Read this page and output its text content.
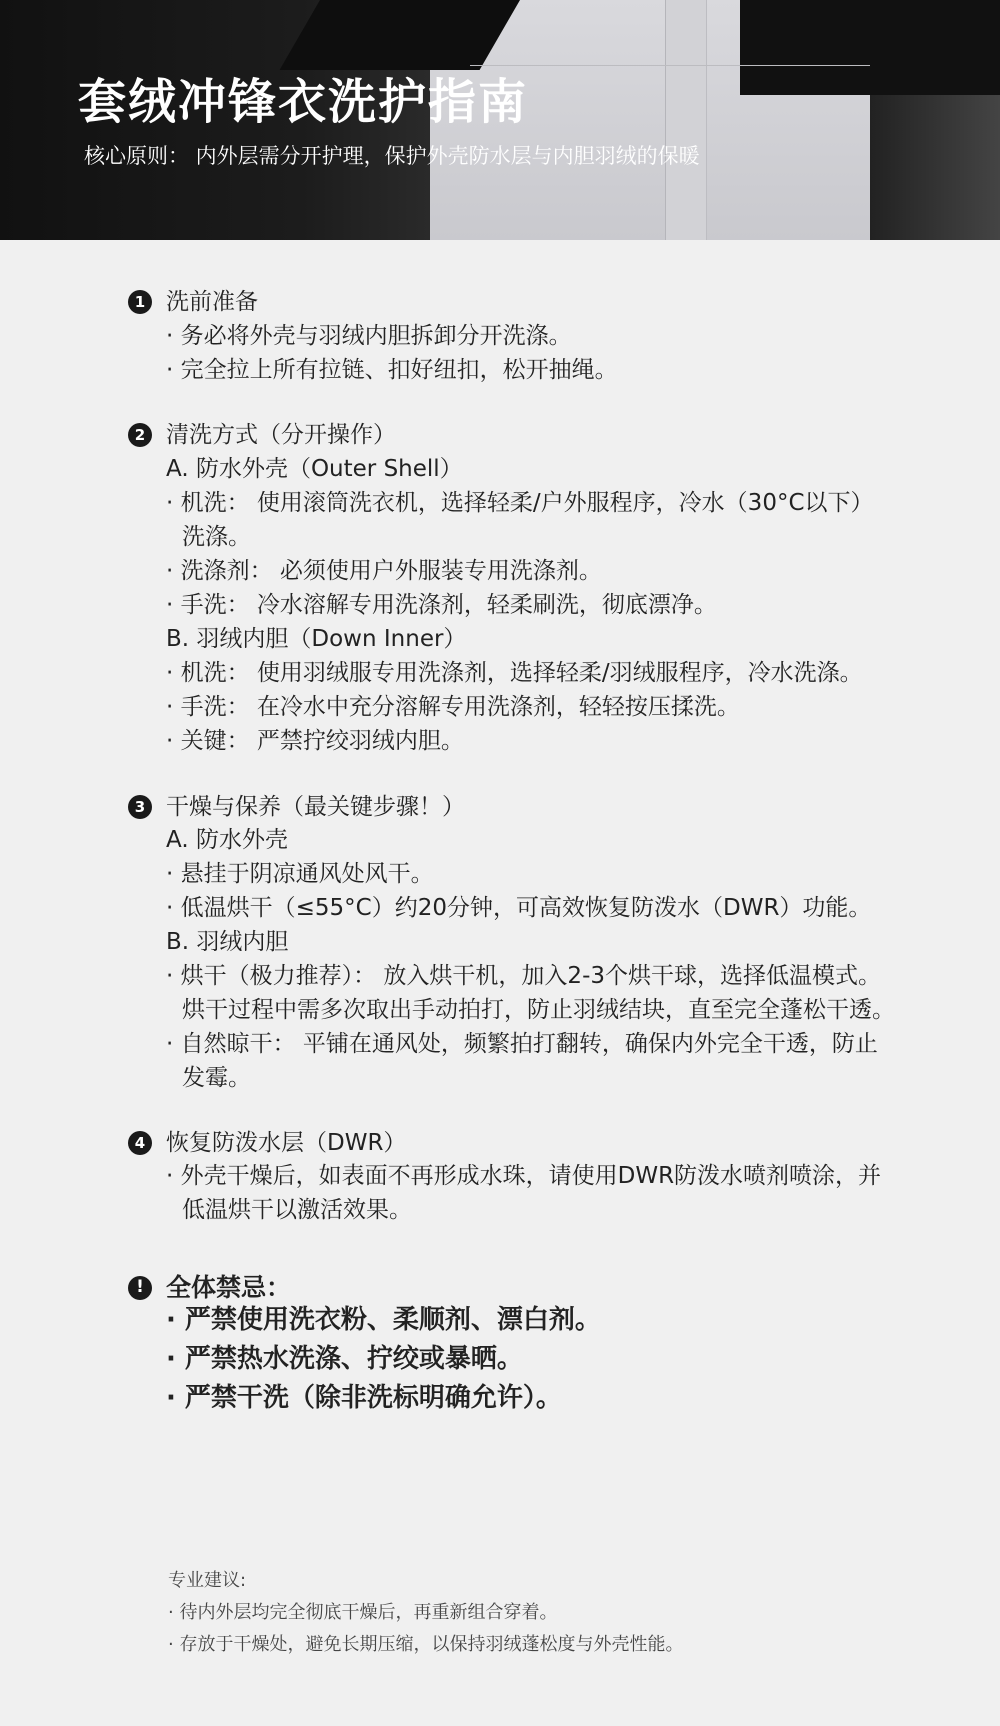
套绒冲锋衣洗护指南

核心原则： 内外层需分开护理，保护外壳防水层与内胆羽绒的保暖

1 洗前准备
· 务必将外壳与羽绒内胆拆卸分开洗涤。
· 完全拉上所有拉链、扣好纽扣，松开抽绳。
2 清洗方式（分开操作）
A. 防水外壳（Outer Shell）
· 机洗： 使用滚筒洗衣机，选择轻柔/户外服程序，冷水（30°C以下）
洗涤。
· 洗涤剂： 必须使用户外服装专用洗涤剂。
· 手洗： 冷水溶解专用洗涤剂，轻柔刷洗，彻底漂净。
B. 羽绒内胆（Down Inner）
· 机洗： 使用羽绒服专用洗涤剂，选择轻柔/羽绒服程序，冷水洗涤。
· 手洗： 在冷水中充分溶解专用洗涤剂，轻轻按压揉洗。
· 关键： 严禁拧绞羽绒内胆。
3 干燥与保养（最关键步骤！）
A. 防水外壳
· 悬挂于阴凉通风处风干。
· 低温烘干（≤55°C）约20分钟，可高效恢复防泼水（DWR）功能。
B. 羽绒内胆
· 烘干（极力推荐）： 放入烘干机，加入2-3个烘干球，选择低温模式。
烘干过程中需多次取出手动拍打，防止羽绒结块，直至完全蓬松干透。
· 自然晾干： 平铺在通风处，频繁拍打翻转，确保内外完全干透，防止
发霉。
4 恢复防泼水层（DWR）
· 外壳干燥后，如表面不再形成水珠，请使用DWR防泼水喷剂喷涂，并
低温烘干以激活效果。
! 全体禁忌：
· 严禁使用洗衣粉、柔顺剂、漂白剂。
· 严禁热水洗涤、拧绞或暴晒。
· 严禁干洗（除非洗标明确允许）。
专业建议:
· 待内外层均完全彻底干燥后，再重新组合穿着。
· 存放于干燥处，避免长期压缩，以保持羽绒蓬松度与外壳性能。
